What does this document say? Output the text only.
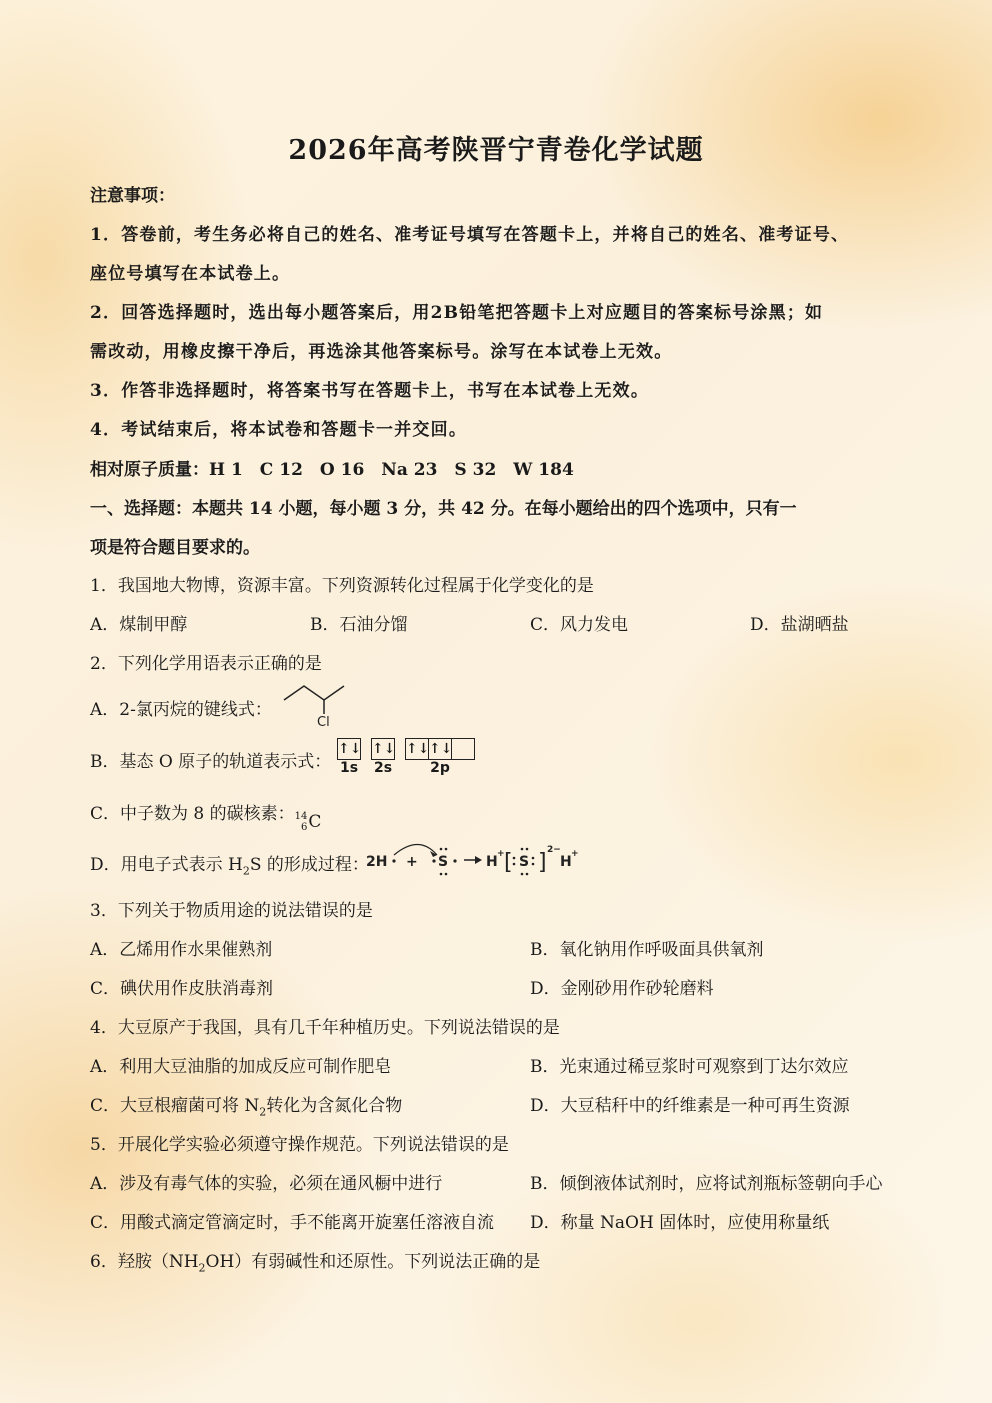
2026年高考陕晋宁青卷化学试题
注意事项：
1．答卷前，考生务必将自己的姓名、准考证号填写在答题卡上，并将自己的姓名、准考证号、
座位号填写在本试卷上。
2．回答选择题时，选出每小题答案后，用2B铅笔把答题卡上对应题目的答案标号涂黑；如
需改动，用橡皮擦干净后，再选涂其他答案标号。涂写在本试卷上无效。
3．作答非选择题时，将答案书写在答题卡上，书写在本试卷上无效。
4．考试结束后，将本试卷和答题卡一并交回。
相对原子质量：H 1　C 12　O 16　Na 23　S 32　W 184
一、选择题：本题共 14 小题，每小题 3 分，共 42 分。在每小题给出的四个选项中，只有一
项是符合题目要求的。
1．我国地大物博，资源丰富。下列资源转化过程属于化学变化的是
A．煤制甲醇	B．石油分馏	C．风力发电	D．盐湖晒盐
2．下列化学用语表示正确的是
A．2-氯丙烷的键线式：
Cl
B．基态 O 原子的轨道表示式：
↑↓
1s
↑↓
2s
↑↓ ↑↓
2p
C．中子数为 8 的碳核素： 14
6 C
D．用电子式表示 $H_2S$ 的形成过程：
2H + S	H + [ S ] 2−
H +
3．下列关于物质用途的说法错误的是
A．乙烯用作水果催熟剂	B．氧化钠用作呼吸面具供氧剂
C．碘伏用作皮肤消毒剂	D．金刚砂用作砂轮磨料
4．大豆原产于我国，具有几千年种植历史。下列说法错误的是
A．利用大豆油脂的加成反应可制作肥皂	B．光束通过稀豆浆时可观察到丁达尔效应
C．大豆根瘤菌可将 $N_2$转化为含氮化合物	D．大豆秸秆中的纤维素是一种可再生资源
5．开展化学实验必须遵守操作规范。下列说法错误的是
A．涉及有毒气体的实验，必须在通风橱中进行	B．倾倒液体试剂时，应将试剂瓶标签朝向手心
C．用酸式滴定管滴定时，手不能离开旋塞任溶液自流 D．称量 NaOH 固体时，应使用称量纸
6．羟胺$(NH_2OH)$有弱碱性和还原性。下列说法正确的是
